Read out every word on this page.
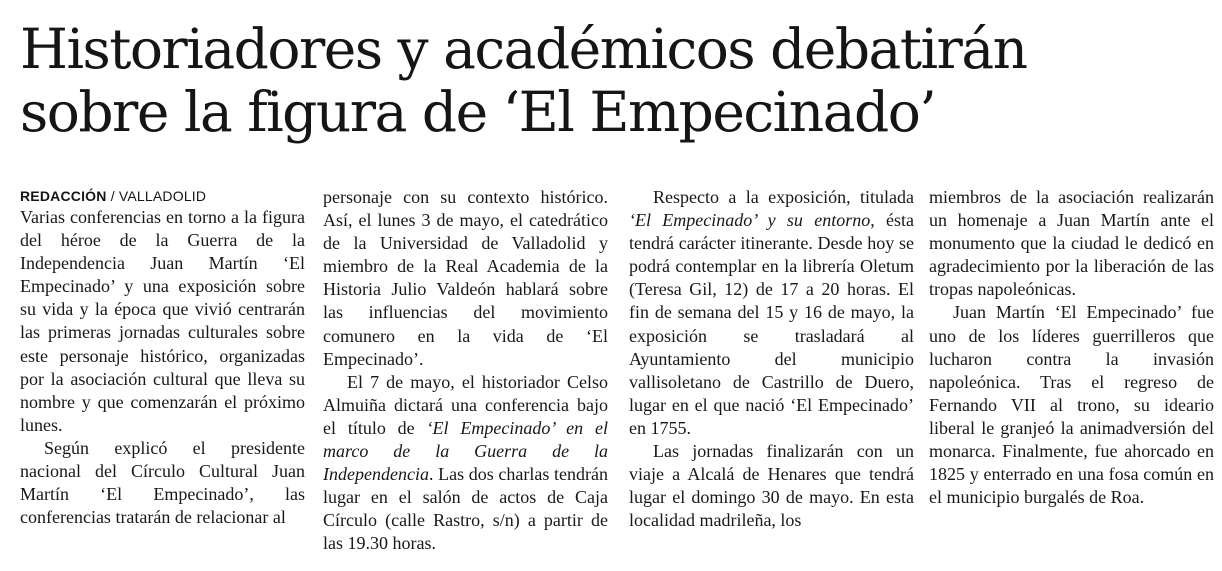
Historiadores y académicos debatirán
sobre la figura de ‘El Empecinado’

REDACCIÓN / VALLADOLID

Varias conferencias en torno a la figura del héroe de la Guerra de la Independencia Juan Martín ‘El Empecinado’ y una exposición sobre su vida y la época que vivió centrarán las primeras jornadas culturales sobre este personaje histórico, organizadas por la asociación cultural que lleva su nombre y que comenzarán el próximo lunes.

Según explicó el presidente nacional del Círculo Cultural Juan Martín ‘El Empecinado’, las conferencias tratarán de relacionar al

personaje con su contexto histórico. Así, el lunes 3 de mayo, el catedrático de la Universidad de Valladolid y miembro de la Real Academia de la Historia Julio Valdeón hablará sobre las influencias del movimiento comunero en la vida de ‘El Empecinado’.

El 7 de mayo, el historiador Celso Almuiña dictará una conferencia bajo el título de ‘El Empecinado’ en el marco de la Guerra de la Independencia. Las dos charlas tendrán lugar en el salón de actos de Caja Círculo (calle Rastro, s/n) a partir de las 19.30 horas.

Respecto a la exposición, titulada ‘El Empecinado’ y su entorno, ésta tendrá carácter itinerante. Desde hoy se podrá contemplar en la librería Oletum (Teresa Gil, 12) de 17 a 20 horas. El fin de semana del 15 y 16 de mayo, la exposición se trasladará al Ayuntamiento del municipio vallisoletano de Castrillo de Duero, lugar en el que nació ‘El Empecinado’ en 1755.

Las jornadas finalizarán con un viaje a Alcalá de Henares que tendrá lugar el domingo 30 de mayo. En esta localidad madrileña, los

miembros de la asociación realizarán un homenaje a Juan Martín ante el monumento que la ciudad le dedicó en agradecimiento por la liberación de las tropas napoleónicas.

Juan Martín ‘El Empecinado’ fue uno de los líderes guerrilleros que lucharon contra la invasión napoleónica. Tras el regreso de Fernando VII al trono, su ideario liberal le granjeó la animadversión del monarca. Finalmente, fue ahorcado en 1825 y enterrado en una fosa común en el municipio burgalés de Roa.
